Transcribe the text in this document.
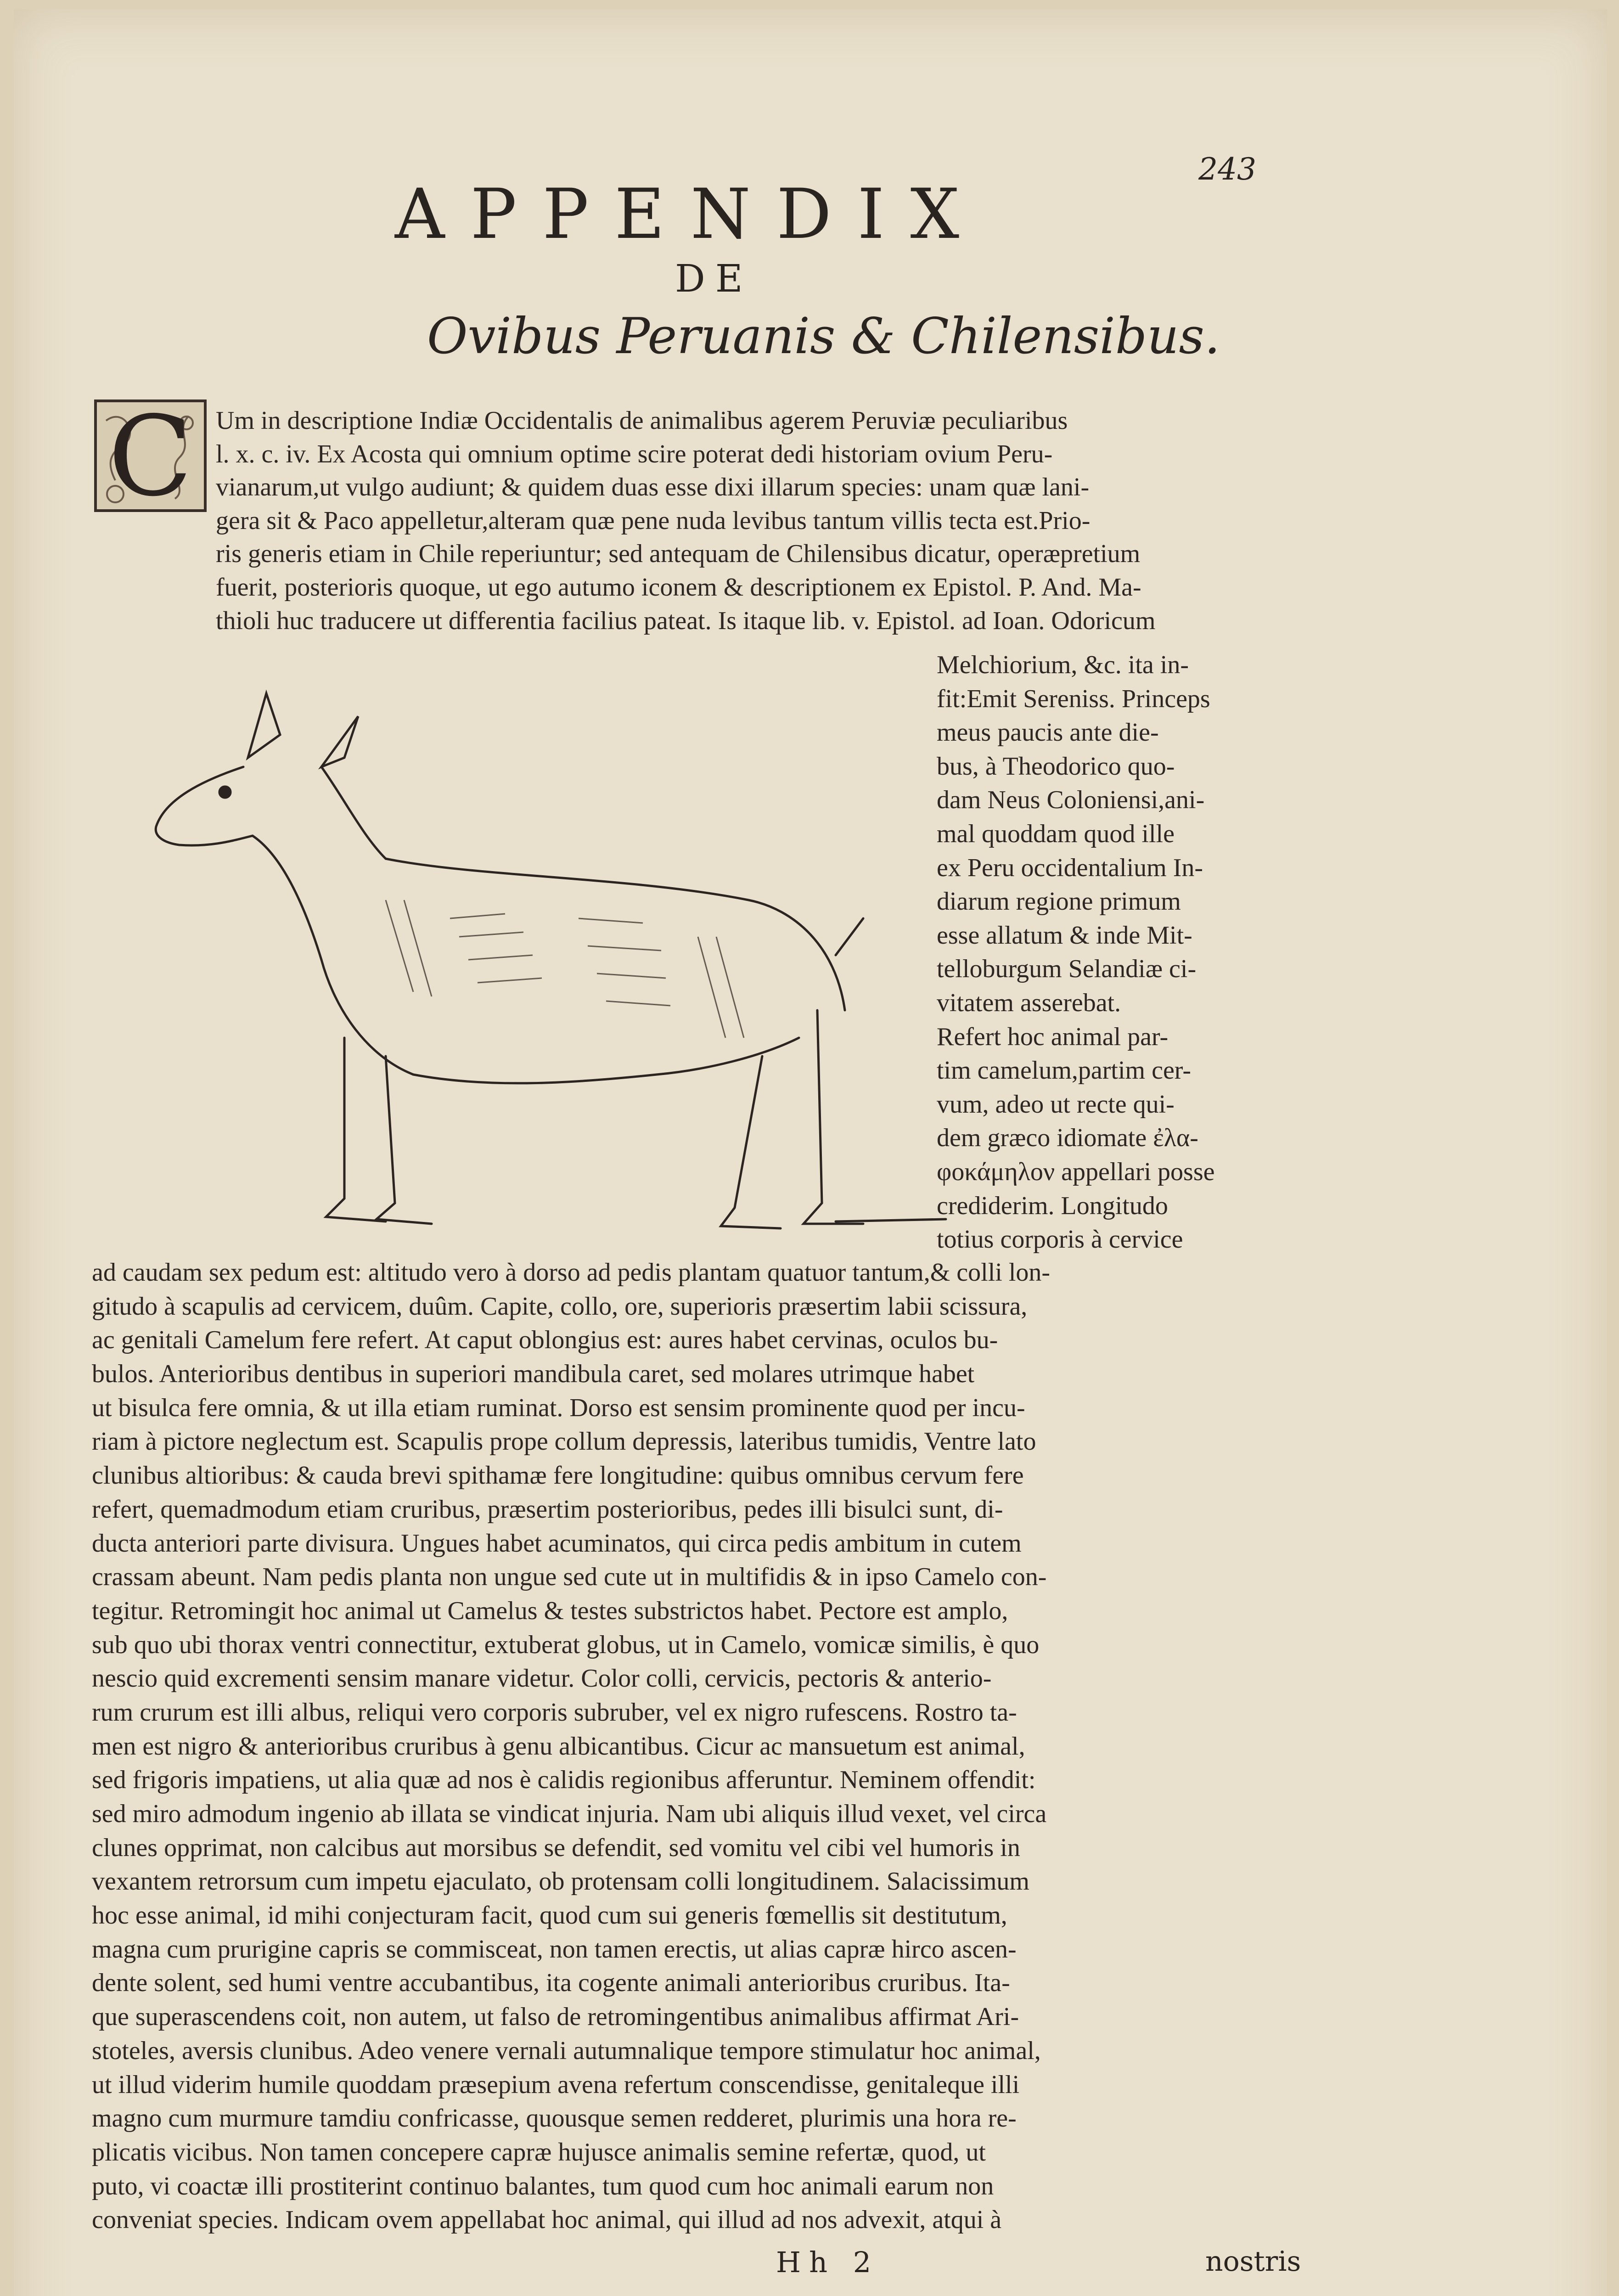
243
APPENDIX
DE
Ovibus Peruanis & Chilensibus.
C Um in descriptione Indiæ Occidentalis de animalibus agerem Peruviæ peculiaribus
l. x. c. iv. Ex Acosta qui omnium optime scire poterat dedi historiam ovium Peru-
vianarum,ut vulgo audiunt; & quidem duas esse dixi illarum species: unam quæ lani-
gera sit & Paco appelletur,alteram quæ pene nuda levibus tantum villis tecta est.Prio-
ris generis etiam in Chile reperiuntur; sed antequam de Chilensibus dicatur, operæpretium
fuerit, posterioris quoque, ut ego autumo iconem & descriptionem ex Epistol. P. And. Ma-
thioli huc traducere ut differentia facilius pateat. Is itaque lib. v. Epistol. ad Ioan. Odoricum
Melchiorium, &c. ita in-
fit:Emit Sereniss. Princeps
meus paucis ante die-
bus, à Theodorico quo-
dam Neus Coloniensi,ani-
mal quoddam quod ille
ex Peru occidentalium In-
diarum regione primum
esse allatum & inde Mit-
telloburgum Selandiæ ci-
vitatem asserebat.
Refert hoc animal par-
tim camelum,partim cer-
vum, adeo ut recte qui-
dem græco idiomate ἐλα-
φοκάμηλον appellari posse
crediderim. Longitudo
totius corporis à cervice
ad caudam sex pedum est: altitudo vero à dorso ad pedis plantam quatuor tantum,& colli lon-
gitudo à scapulis ad cervicem, duûm. Capite, collo, ore, superioris præsertim labii scissura,
ac genitali Camelum fere refert. At caput oblongius est: aures habet cervinas, oculos bu-
bulos. Anterioribus dentibus in superiori mandibula caret, sed molares utrimque habet
ut bisulca fere omnia, & ut illa etiam ruminat. Dorso est sensim prominente quod per incu-
riam à pictore neglectum est. Scapulis prope collum depressis, lateribus tumidis, Ventre lato
clunibus altioribus: & cauda brevi spithamæ fere longitudine: quibus omnibus cervum fere
refert, quemadmodum etiam cruribus, præsertim posterioribus, pedes illi bisulci sunt, di-
ducta anteriori parte divisura. Ungues habet acuminatos, qui circa pedis ambitum in cutem
crassam abeunt. Nam pedis planta non ungue sed cute ut in multifidis & in ipso Camelo con-
tegitur. Retromingit hoc animal ut Camelus & testes substrictos habet. Pectore est amplo,
sub quo ubi thorax ventri connectitur, extuberat globus, ut in Camelo, vomicæ similis, è quo
nescio quid excrementi sensim manare videtur. Color colli, cervicis, pectoris & anterio-
rum crurum est illi albus, reliqui vero corporis subruber, vel ex nigro rufescens. Rostro ta-
men est nigro & anterioribus cruribus à genu albicantibus. Cicur ac mansuetum est animal,
sed frigoris impatiens, ut alia quæ ad nos è calidis regionibus afferuntur. Neminem offendit:
sed miro admodum ingenio ab illata se vindicat injuria. Nam ubi aliquis illud vexet, vel circa
clunes opprimat, non calcibus aut morsibus se defendit, sed vomitu vel cibi vel humoris in
vexantem retrorsum cum impetu ejaculato, ob protensam colli longitudinem. Salacissimum
hoc esse animal, id mihi conjecturam facit, quod cum sui generis fœmellis sit destitutum,
magna cum prurigine capris se commisceat, non tamen erectis, ut alias capræ hirco ascen-
dente solent, sed humi ventre accubantibus, ita cogente animali anterioribus cruribus. Ita-
que superascendens coit, non autem, ut falso de retromingentibus animalibus affirmat Ari-
stoteles, aversis clunibus. Adeo venere vernali autumnalique tempore stimulatur hoc animal,
ut illud viderim humile quoddam præsepium avena refertum conscendisse, genitaleque illi
magno cum murmure tamdiu confricasse, quousque semen redderet, plurimis una hora re-
plicatis vicibus. Non tamen concepere capræ hujusce animalis semine refertæ, quod, ut
puto, vi coactæ illi prostiterint continuo balantes, tum quod cum hoc animali earum non
conveniat species. Indicam ovem appellabat hoc animal, qui illud ad nos advexit, atqui à
Hh 2	nostris
